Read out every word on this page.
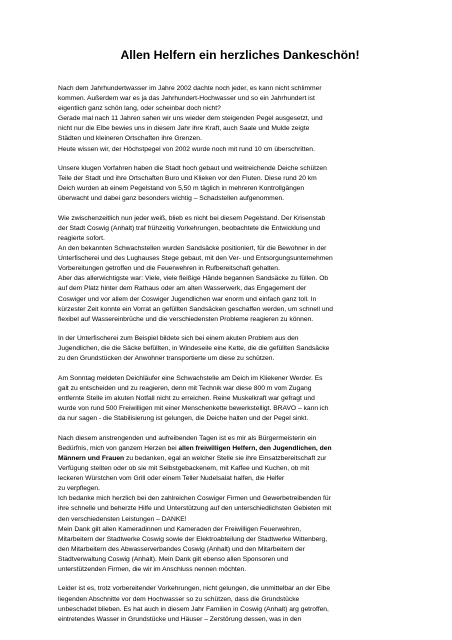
Allen Helfern ein herzliches Dankeschön!
Nach dem Jahrhundertwasser im Jahre 2002 dachte noch jeder, es kann nicht schlimmer
kommen. Außerdem war es ja das Jahrhundert-Hochwasser und so ein Jahrhundert ist
eigentlich ganz schön lang, oder scheinbar doch nicht?
Gerade mal nach 11 Jahren sahen wir uns wieder dem steigenden Pegel ausgesetzt, und
nicht nur die Elbe bewies uns in diesem Jahr ihre Kraft, auch Saale und Mulde zeigte
Städten und kleineren Ortschaften ihre Grenzen.
Heute wissen wir, der Höchstpegel von 2002 wurde noch mit rund 10 cm überschritten.
Unsere klugen Vorfahren haben die Stadt hoch gebaut und weitreichende Deiche schützen
Teile der Stadt und ihre Ortschaften Buro und Klieken vor den Fluten. Diese rund 20 km
Deich wurden ab einem Pegelstand von 5,50 m täglich in mehreren Kontrollgängen
überwacht und dabei ganz besonders wichtig – Schadstellen aufgenommen.
Wie zwischenzeitlich nun jeder weiß, blieb es nicht bei diesem Pegelstand. Der Krisenstab
der Stadt Coswig (Anhalt) traf frühzeitig Vorkehrungen, beobachtete die Entwicklung und
reagierte sofort.
An den bekannten Schwachstellen wurden Sandsäcke positioniert, für die Bewohner in der
Unterfischerei und des Lughauses Stege gebaut, mit den Ver- und Entsorgungsunternehmen
Vorbereitungen getroffen und die Feuerwehren in Rufbereitschaft gehalten.
Aber das allerwichtigste war: Viele, viele fleißige Hände begannen Sandsäcke zu füllen. Ob
auf dem Platz hinter dem Rathaus oder am alten Wasserwerk, das Engagement der
Coswiger und vor allem der Coswiger Jugendlichen war enorm und einfach ganz toll. In
kürzester Zeit konnte ein Vorrat an gefüllten Sandsäcken geschaffen werden, um schnell und
flexibel auf Wassereinbrüche und die verschiedensten Probleme reagieren zu können.
In der Unterfischerei zum Beispiel bildete sich bei einem akuten Problem aus den
Jugendlichen, die die Säcke befüllten, in Windeseile eine Kette, die die gefüllten Sandsäcke
zu den Grundstücken der Anwohner transportierte um diese zu schützen.
Am Sonntag meldeten Deichläufer eine Schwachstelle am Deich im Kliekener Werder. Es
galt zu entscheiden und zu reagieren, denn mit Technik war diese 800 m vom Zugang
entfernte Stelle im akuten Notfall nicht zu erreichen. Reine Muskelkraft war gefragt und
wurde von rund 500 Freiwilligen mit einer Menschenkette bewerkstelligt. BRAVO – kann ich
da nur sagen - die Stabilisierung ist gelungen, die Deiche halten und der Pegel sinkt.
Nach diesem anstrengenden und aufreibenden Tagen ist es mir als Bürgermeisterin ein
Bedürfnis, mich von ganzem Herzen bei allen freiwilligen Helfern, den Jugendlichen, den
Männern und Frauen zu bedanken, egal an welcher Stelle sie ihre Einsatzbereitschaft zur
Verfügung stellten oder ob sie mit Selbstgebackenem, mit Kaffee und Kuchen, ob mit
leckeren Würstchen vom Grill oder einem Teller Nudelsalat halfen, die Helfer
zu verpflegen.
Ich bedanke mich herzlich bei den zahlreichen Coswiger Firmen und Gewerbetreibenden für
ihre schnelle und beherzte Hilfe und Unterstützung auf den unterschiedlichsten Gebieten mit
den verschiedensten Leistungen – DANKE!
Mein Dank gilt allen Kameradinnen und Kameraden der Freiwilligen Feuerwehren,
Mitarbeitern der Stadtwerke Coswig sowie der Elektroabteilung der Stadtwerke Wittenberg,
den Mitarbeitern des Abwasserverbandes Coswig (Anhalt) und den Mitarbeitern der
Stadtverwaltung Coswig (Anhalt). Mein Dank gilt ebenso allen Sponsoren und
unterstützenden Firmen, die wir im Anschluss nennen möchten.
Leider ist es, trotz vorbereitender Vorkehrungen, nicht gelungen, die unmittelbar an der Elbe
liegenden Abschnitte vor dem Hochwasser so zu schützen, dass die Grundstücke
unbeschadet blieben. Es hat auch in diesem Jahr Familien in Coswig (Anhalt) arg getroffen,
eintretendes Wasser in Grundstücke und Häuser – Zerstörung dessen, was in den
